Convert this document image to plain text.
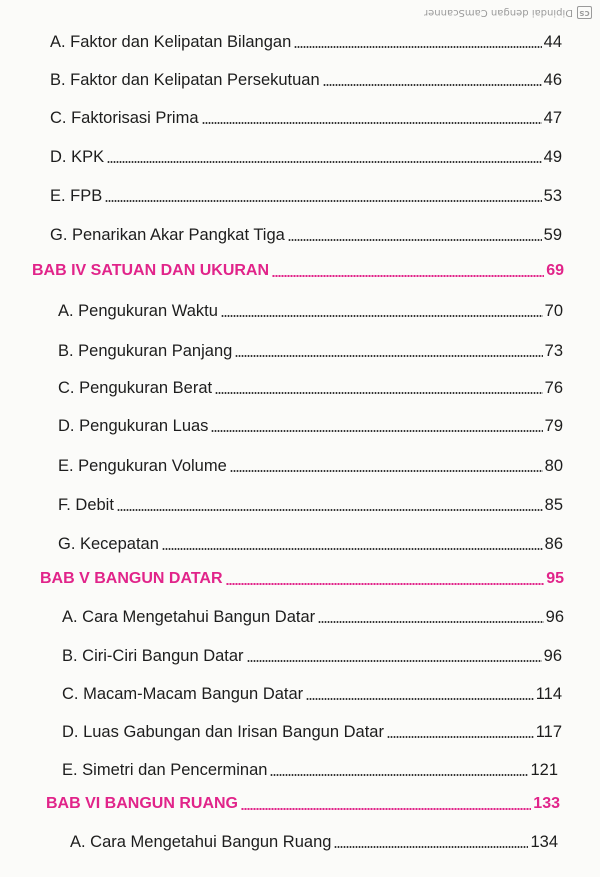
CS
Dipindai dengan CamScanner
A. Faktor dan Kelipatan Bilangan	44
B. Faktor dan Kelipatan Persekutuan	46
C. Faktorisasi Prima	47
D. KPK	49
E. FPB	53
G. Penarikan Akar Pangkat Tiga	59
BAB IV SATUAN DAN UKURAN	69
A. Pengukuran Waktu	70
B. Pengukuran Panjang	73
C. Pengukuran Berat	76
D. Pengukuran Luas	79
E. Pengukuran Volume	80
F. Debit	85
G. Kecepatan	86
BAB V BANGUN DATAR	95
A. Cara Mengetahui Bangun Datar	96
B. Ciri-Ciri Bangun Datar	96
C. Macam-Macam Bangun Datar	114
D. Luas Gabungan dan Irisan Bangun Datar	117
E. Simetri dan Pencerminan	121
BAB VI BANGUN RUANG	133
A. Cara Mengetahui Bangun Ruang	134
